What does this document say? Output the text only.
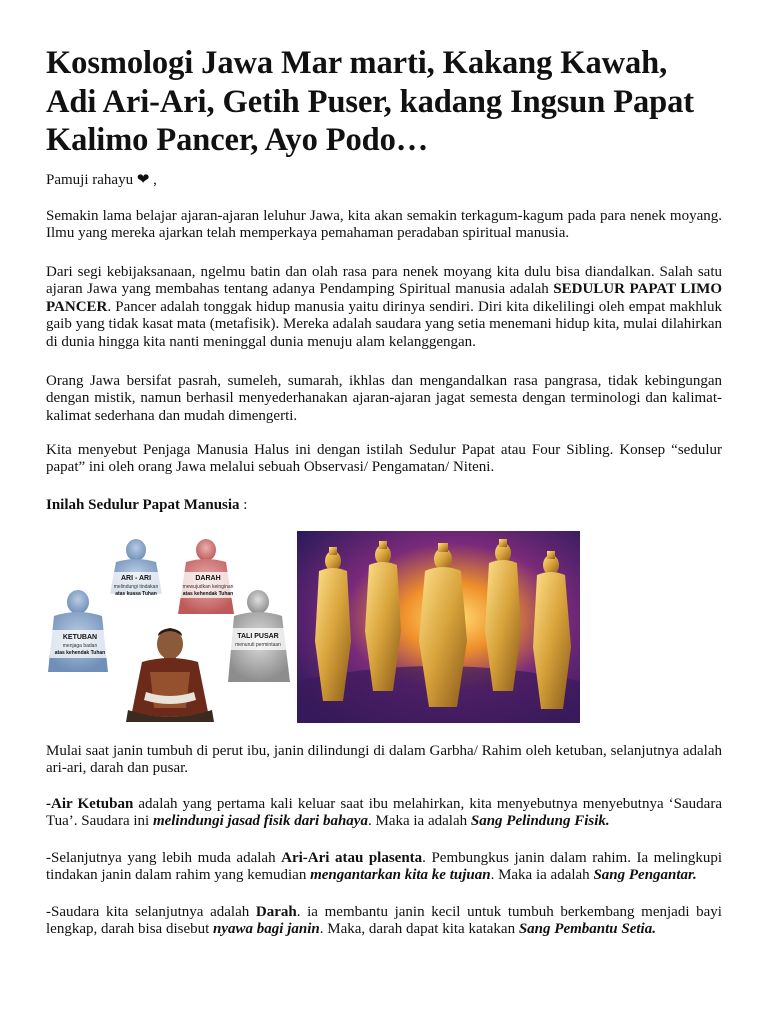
Kosmologi Jawa Mar marti, Kakang Kawah, Adi Ari-Ari, Getih Puser, kadang Ingsun Papat Kalimo Pancer, Ayo Podo…

Pamuji rahayu ❤ ,

Semakin lama belajar ajaran-ajaran leluhur Jawa, kita akan semakin terkagum-kagum pada para nenek moyang. Ilmu yang mereka ajarkan telah memperkaya pemahaman peradaban spiritual manusia.

Dari segi kebijaksanaan, ngelmu batin dan olah rasa para nenek moyang kita dulu bisa diandalkan. Salah satu ajaran Jawa yang membahas tentang adanya Pendamping Spiritual manusia adalah SEDULUR PAPAT LIMO PANCER. Pancer adalah tonggak hidup manusia yaitu dirinya sendiri. Diri kita dikelilingi oleh empat makhluk gaib yang tidak kasat mata (metafisik). Mereka adalah saudara yang setia menemani hidup kita, mulai dilahirkan di dunia hingga kita nanti meninggal dunia menuju alam kelanggengan.

Orang Jawa bersifat pasrah, sumeleh, sumarah, ikhlas dan mengandalkan rasa pangrasa, tidak kebingungan dengan mistik, namun berhasil menyederhanakan ajaran-ajaran jagat semesta dengan terminologi dan kalimat-kalimat sederhana dan mudah dimengerti.

Kita menyebut Penjaga Manusia Halus ini dengan istilah Sedulur Papat atau Four Sibling. Konsep “sedulur papat” ini oleh orang Jawa melalui sebuah Observasi/ Pengamatan/ Niteni.

Inilah Sedulur Papat Manusia :

ARI - ARI
melindungi tindakan
atas kuasa Tuhan
DARAH
mewujudkan keinginan
atas kehendak Tuhan
KETUBAN
menjaga badan
atas kehendak Tuhan
TALI PUSAR
menuruti permintaan

Mulai saat janin tumbuh di perut ibu, janin dilindungi di dalam Garbha/ Rahim oleh ketuban, selanjutnya adalah ari-ari, darah dan pusar.

-Air Ketuban adalah yang pertama kali keluar saat ibu melahirkan, kita menyebutnya menyebutnya ‘Saudara Tua’. Saudara ini melindungi jasad fisik dari bahaya. Maka ia adalah Sang Pelindung Fisik.

-Selanjutnya yang lebih muda adalah Ari-Ari atau plasenta. Pembungkus janin dalam rahim. Ia melingkupi tindakan janin dalam rahim yang kemudian mengantarkan kita ke tujuan. Maka ia adalah Sang Pengantar.

-Saudara kita selanjutnya adalah Darah. ia membantu janin kecil untuk tumbuh berkembang menjadi bayi lengkap, darah bisa disebut nyawa bagi janin. Maka, darah dapat kita katakan Sang Pembantu Setia.
